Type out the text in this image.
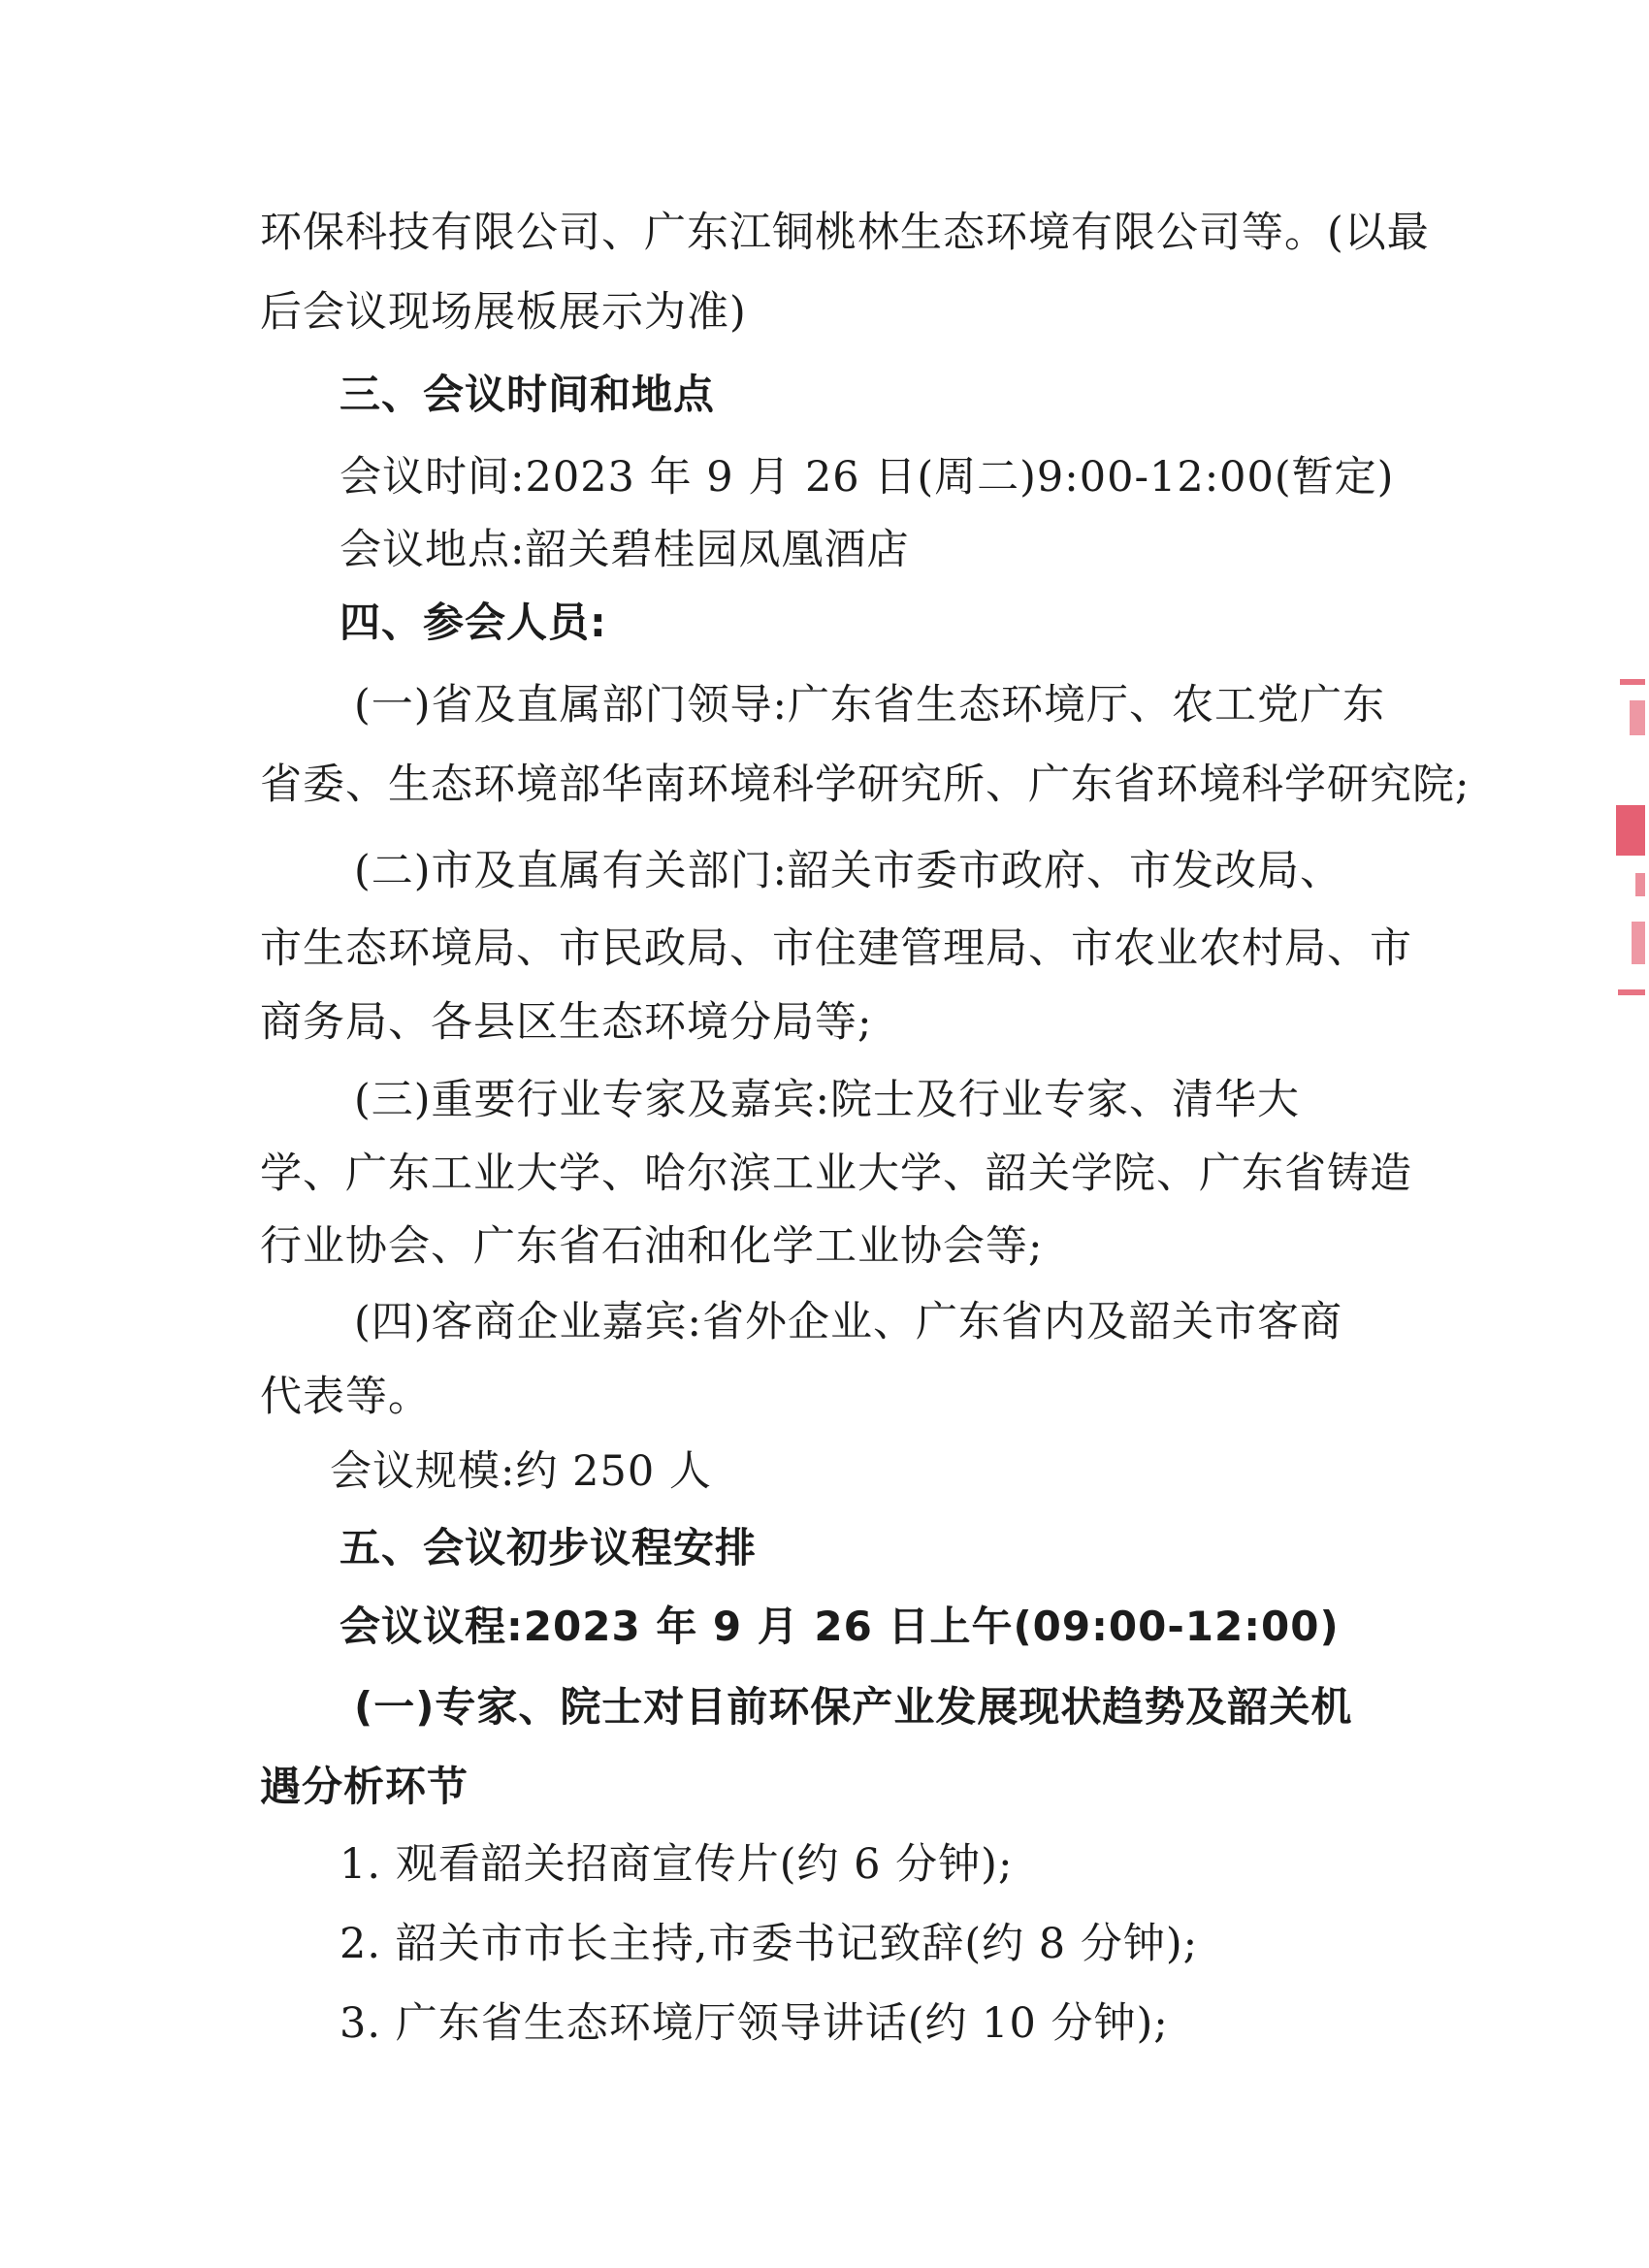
环保科技有限公司、广东江铜桃林生态环境有限公司等。(以最
后会议现场展板展示为准)
三、会议时间和地点
会议时间:2023 年 9 月 26 日(周二)9:00-12:00(暂定)
会议地点:韶关碧桂园凤凰酒店
四、参会人员:
(一)省及直属部门领导:广东省生态环境厅、农工党广东
省委、生态环境部华南环境科学研究所、广东省环境科学研究院;
(二)市及直属有关部门:韶关市委市政府、市发改局、
市生态环境局、市民政局、市住建管理局、市农业农村局、市
商务局、各县区生态环境分局等;
(三)重要行业专家及嘉宾:院士及行业专家、清华大
学、广东工业大学、哈尔滨工业大学、韶关学院、广东省铸造
行业协会、广东省石油和化学工业协会等;
(四)客商企业嘉宾:省外企业、广东省内及韶关市客商
代表等。
会议规模:约 250 人
五、会议初步议程安排
会议议程:2023 年 9 月 26 日上午(09:00-12:00)
(一)专家、院士对目前环保产业发展现状趋势及韶关机
遇分析环节
1. 观看韶关招商宣传片(约 6 分钟);
2. 韶关市市长主持,市委书记致辞(约 8 分钟);
3. 广东省生态环境厅领导讲话(约 10 分钟);
